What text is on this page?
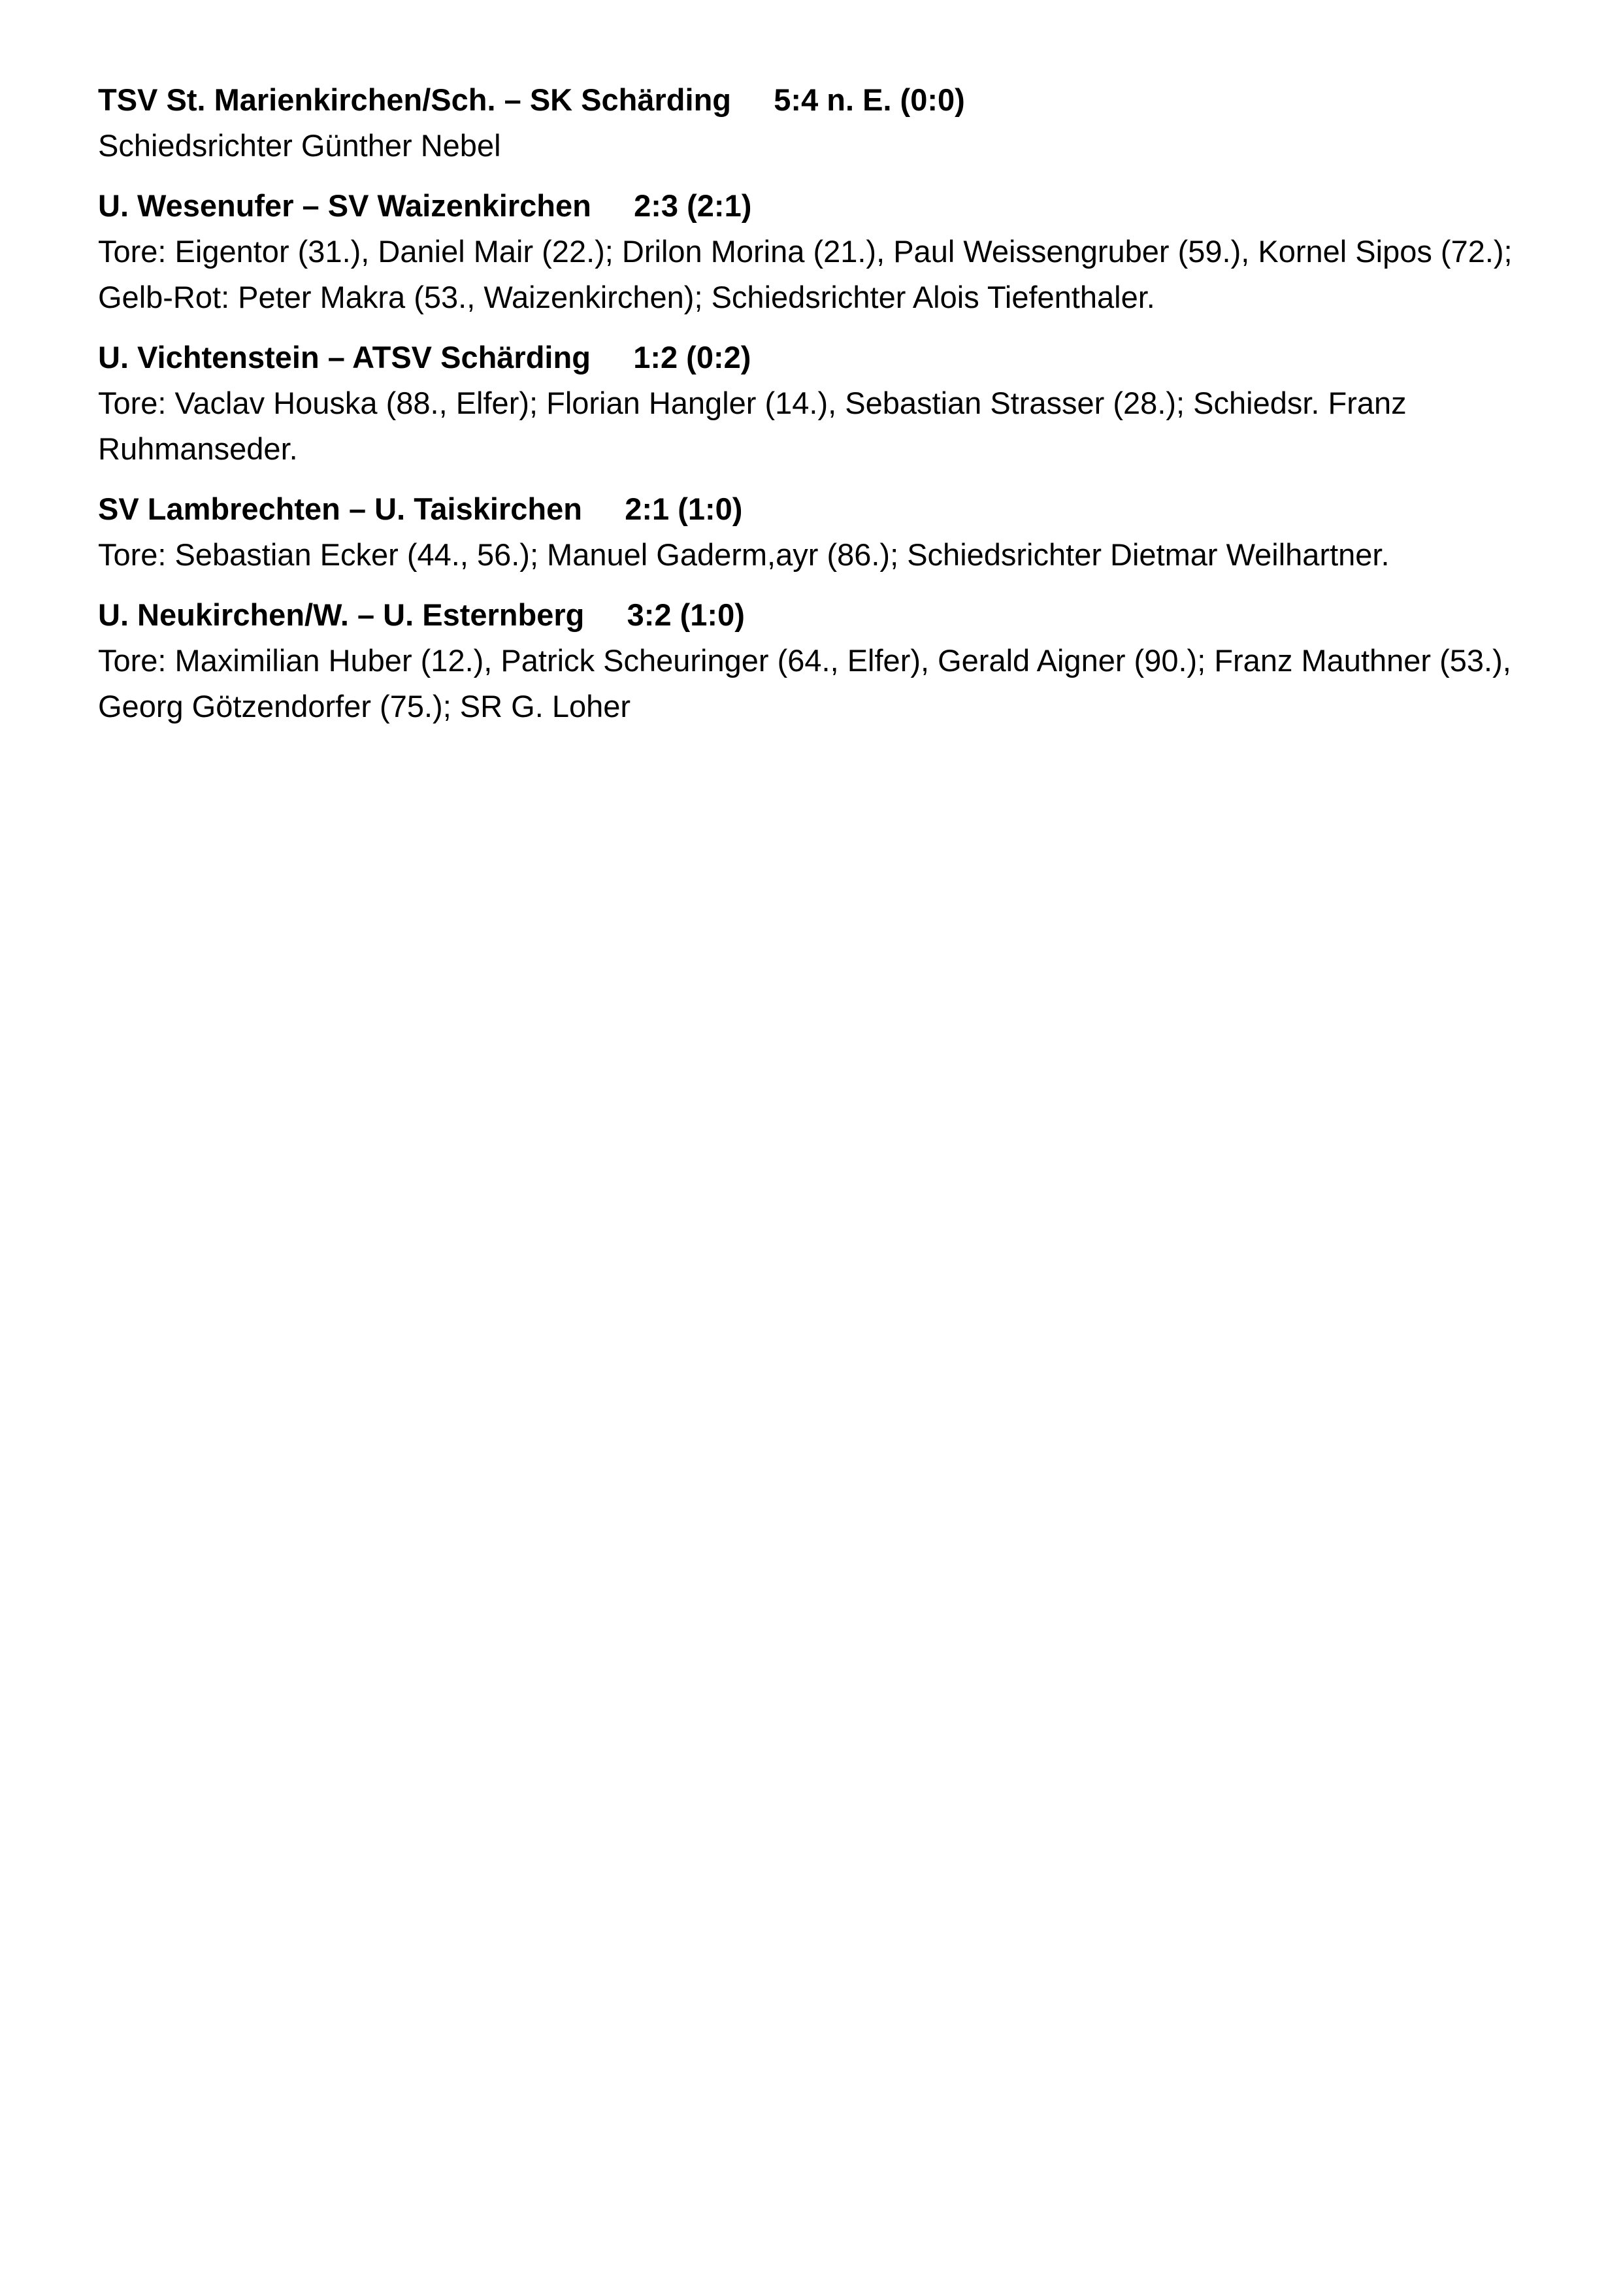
TSV St. Marienkirchen/Sch. – SK Schärding     5:4 n. E. (0:0)
Schiedsrichter Günther Nebel
U. Wesenufer – SV Waizenkirchen     2:3 (2:1)
Tore: Eigentor (31.), Daniel Mair (22.); Drilon Morina (21.), Paul Weissengruber (59.), Kornel Sipos (72.);
Gelb-Rot: Peter Makra (53., Waizenkirchen); Schiedsrichter Alois Tiefenthaler.
U. Vichtenstein – ATSV Schärding     1:2 (0:2)
Tore: Vaclav Houska (88., Elfer); Florian Hangler (14.), Sebastian Strasser (28.); Schiedsr. Franz Ruhmanseder.
SV Lambrechten – U. Taiskirchen     2:1 (1:0)
Tore: Sebastian Ecker (44., 56.); Manuel Gaderm,ayr (86.); Schiedsrichter Dietmar Weilhartner.
U. Neukirchen/W. – U. Esternberg     3:2 (1:0)
Tore: Maximilian Huber (12.), Patrick Scheuringer (64., Elfer), Gerald Aigner (90.); Franz Mauthner (53.), Georg Götzendorfer (75.); SR G. Loher
